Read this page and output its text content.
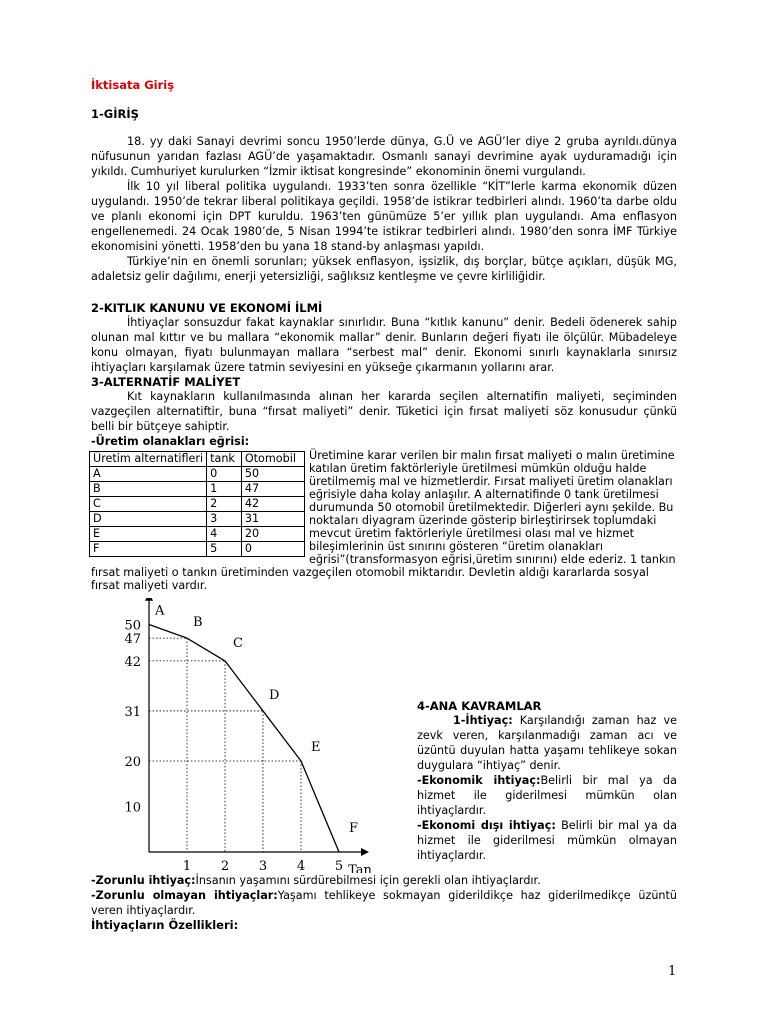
İktisata Giriş
1-GİRİŞ

18. yy daki Sanayi devrimi soncu 1950’lerde dünya, G.Ü ve AGÜ’ler diye 2 gruba ayrıldı.dünya nüfusunun yarıdan fazlası AGÜ’de yaşamaktadır. Osmanlı sanayi devrimine ayak uyduramadığı için yıkıldı. Cumhuriyet kurulurken “İzmir iktisat kongresinde” ekonominin önemi vurgulandı.

İlk 10 yıl liberal politika uygulandı. 1933’ten sonra özellikle “KİT”lerle karma ekonomik düzen uygulandı. 1950’de tekrar liberal politikaya geçildi. 1958’de istikrar tedbirleri alındı. 1960’ta darbe oldu ve planlı ekonomi için DPT kuruldu. 1963’ten günümüze 5’er yıllık plan uygulandı. Ama enflasyon engellenemedi. 24 Ocak 1980’de, 5 Nisan 1994’te istikrar tedbirleri alındı. 1980’den sonra İMF Türkiye ekonomisini yönetti. 1958’den bu yana 18 stand-by anlaşması yapıldı.

Türkiye’nin en önemli sorunları; yüksek enflasyon, işsizlik, dış borçlar, bütçe açıkları, düşük MG, adaletsiz gelir dağılımı, enerji yetersizliği, sağlıksız kentleşme ve çevre kirliliğidir.

2-KITLIK KANUNU VE EKONOMİ İLMİ

İhtiyaçlar sonsuzdur fakat kaynaklar sınırlıdır. Buna “kıtlık kanunu” denir. Bedeli ödenerek sahip olunan mal kıttır ve bu mallara “ekonomik mallar” denir. Bunların değeri fiyatı ile ölçülür. Mübadeleye konu olmayan, fiyatı bulunmayan mallara “serbest mal” denir. Ekonomi sınırlı kaynaklarla sınırsız ihtiyaçları karşılamak üzere tatmin seviyesini en yükseğe çıkarmanın yollarını arar.

3-ALTERNATİF MALİYET

Kıt kaynakların kullanılmasında alınan her kararda seçilen alternatifin maliyeti, seçiminden vazgeçilen alternatiftir, buna “fırsat maliyeti” denir. Tüketici için fırsat maliyeti söz konusudur çünkü belli bir bütçeye sahiptir.

-Üretim olanakları eğrisi:

Üretim alternatifleri	tank	Otomobil
A	0	50
B	1	47
C	2	42
D	3	31
E	4	20
F	5	0
Üretimine karar verilen bir malın fırsat maliyeti o malın üretimine katılan üretim faktörleriyle üretilmesi mümkün olduğu halde üretilmemiş mal ve hizmetlerdir. Fırsat maliyeti üretim olanakları eğrisiyle daha kolay anlaşılır. A alternatifinde 0 tank üretilmesi durumunda 50 otomobil üretilmektedir. Diğerleri aynı şekilde. Bu noktaları diyagram üzerinde gösterip birleştirirsek toplumdaki mevcut üretim faktörleriyle üretilmesi olası mal ve hizmet bileşimlerinin üst sınırını gösteren “üretim olanakları eğrisi”(transformasyon eğrisi,üretim sınırını) elde ederiz. 1 tankın fırsat maliyeti o tankın üretiminden vazgeçilen otomobil miktarıdır. Devletin aldığı kararlarda sosyal fırsat maliyeti vardır.

Tan
50
47
42
31
20
10
1 2 3 4 5
A
B
C
D
E
F
4-ANA KAVRAMLAR

1-İhtiyaç: Karşılandığı zaman haz ve zevk veren, karşılanmadığı zaman acı ve üzüntü duyulan hatta yaşamı tehlikeye sokan duygulara “ihtiyaç” denir.

-Ekonomik ihtiyaç:Belirli bir mal ya da hizmet ile giderilmesi mümkün olan ihtiyaçlardır.

-Ekonomi dışı ihtiyaç: Belirli bir mal ya da hizmet ile giderilmesi mümkün olmayan ihtiyaçlardır.

-Zorunlu ihtiyaç:İnsanın yaşamını sürdürebilmesi için gerekli olan ihtiyaçlardır.

-Zorunlu olmayan ihtiyaçlar:Yaşamı tehlikeye sokmayan giderildikçe haz giderilmedikçe üzüntü veren ihtiyaçlardır.

İhtiyaçların Özellikleri:
1
